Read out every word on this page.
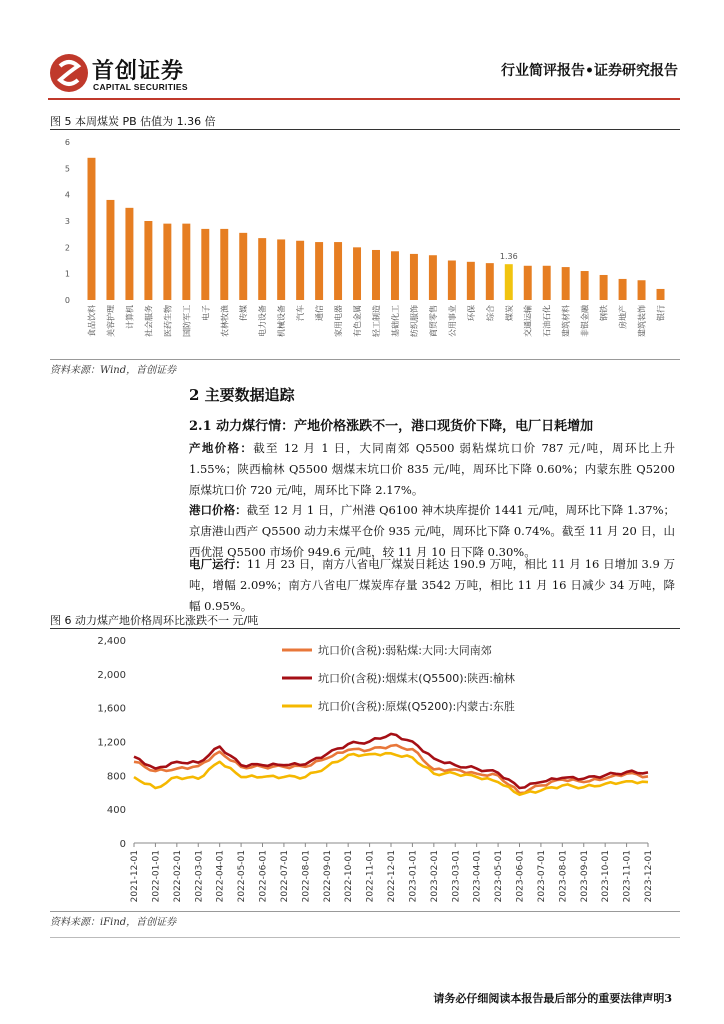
首创证券
CAPITAL SECURITIES
行业简评报告•证券研究报告
图 5 本周煤炭 PB 估值为 1.36 倍
0
1
2
3
4
5
6
食品饮料 美容护理 计算机 社会服务 医药生物 国防军工 电子 农林牧渔 传媒 电力设备 机械设备 汽车 通信 家用电器 有色金属 轻工制造 基础化工 纺织服饰 商贸零售 公用事业 环保 综合 煤炭
1.36
交通运输 石油石化 建筑材料 非银金融 钢铁 房地产 建筑装饰 银行
资料来源：Wind，首创证券
2 主要数据追踪
2.1 动力煤行情：产地价格涨跌不一，港口现货价下降，电厂日耗增加
产地价格：截至 12 月 1 日，大同南郊 Q5500 弱粘煤坑口价 787 元/吨，周环比上升 1.55%；陕西榆林 Q5500 烟煤末坑口价 835 元/吨，周环比下降 0.60%；内蒙东胜 Q5200 原煤坑口价 720 元/吨，周环比下降 2.17%。
港口价格：截至 12 月 1 日，广州港 Q6100 神木块库提价 1441 元/吨，周环比下降 1.37%；京唐港山西产 Q5500 动力末煤平仓价 935 元/吨，周环比下降 0.74%。截至 11 月 20 日，山西优混 Q5500 市场价 949.6 元/吨，较 11 月 10 日下降 0.30%。
电厂运行：11 月 23 日，南方八省电厂煤炭日耗达 190.9 万吨，相比 11 月 16 日增加 3.9 万吨，增幅 2.09%；南方八省电厂煤炭库存量 3542 万吨，相比 11 月 16 日减少 34 万吨，降幅 0.95%。
图 6 动力煤产地价格周环比涨跌不一 元/吨
0
400
800
1,200
1,600
2,000
2,400
2021-12-01 2022-01-01 2022-02-01 2022-03-01 2022-04-01 2022-05-01 2022-06-01 2022-07-01 2022-08-01 2022-09-01 2022-10-01 2022-11-01 2022-12-01 2023-01-01 2023-02-01 2023-03-01 2023-04-01 2023-05-01 2023-06-01 2023-07-01 2023-08-01 2023-09-01 2023-10-01 2023-11-01 2023-12-01
坑口价(含税):弱粘煤:大同:大同南郊
坑口价(含税):烟煤末(Q5500):陕西:榆林
坑口价(含税):原煤(Q5200):内蒙古:东胜
资料来源：iFind，首创证券
请务必仔细阅读本报告最后部分的重要法律声明3
